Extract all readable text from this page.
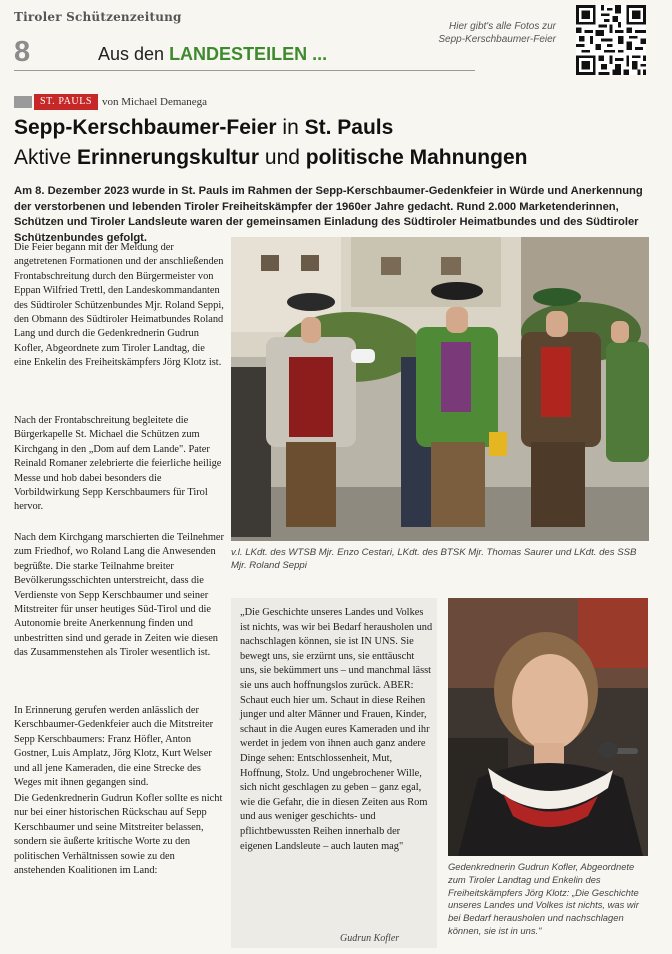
Tiroler Schützenzeitung
8	Aus den LANDESTEILEN ...
Hier gibt's alle Fotos zur
Sepp-Kerschbaumer-Feier
ST. PAULS von Michael Demanega
Sepp-Kerschbaumer-Feier in St. Pauls
Aktive Erinnerungskultur und politische Mahnungen
Am 8. Dezember 2023 wurde in St. Pauls im Rahmen der Sepp-Kerschbaumer-Gedenkfeier in Würde und Anerkennung der verstorbenen und lebenden Tiroler Freiheitskämpfer der 1960er Jahre gedacht. Rund 2.000 Marketenderinnen, Schützen und Tiroler Landsleute waren der gemeinsamen Einladung des Südtiroler Heimatbundes und des Südtiroler Schützenbundes gefolgt.

Die Feier begann mit der Meldung der angetretenen Formationen und der anschließenden Frontabschreitung durch den Bürgermeister von Eppan Wilfried Trettl, den Landeskommandanten des Südtiroler Schützenbundes Mjr. Roland Seppi, den Obmann des Südtiroler Heimatbundes Roland Lang und durch die Gedenkrednerin Gudrun Kofler, Abgeordnete zum Tiroler Landtag, die eine Enkelin des Freiheitskämpfers Jörg Klotz ist.

Nach der Frontabschreitung begleitete die Bürgerkapelle St. Michael die Schützen zum Kirchgang in den „Dom auf dem Lande". Pater Reinald Romaner zelebrierte die feierliche heilige Messe und hob dabei besonders die Vorbildwirkung Sepp Kerschbaumers für Tirol hervor.

Nach dem Kirchgang marschierten die Teilnehmer zum Friedhof, wo Roland Lang die Anwesenden begrüßte. Die starke Teilnahme breiter Bevölkerungsschichten unterstreicht, dass die Verdienste von Sepp Kerschbaumer und seiner Mitstreiter für unser heutiges Süd-Tirol und die Autonomie breite Anerkennung finden und unbestritten sind und gerade in Zeiten wie diesen das Zusammenstehen als Tiroler wesentlich ist.

In Erinnerung gerufen werden anlässlich der Kerschbaumer-Gedenkfeier auch die Mitstreiter Sepp Kerschbaumers: Franz Höfler, Anton Gostner, Luis Amplatz, Jörg Klotz, Kurt Welser und all jene Kameraden, die eine Strecke des Weges mit ihnen gegangen sind.

Die Gedenkrednerin Gudrun Kofler sollte es nicht nur bei einer historischen Rückschau auf Sepp Kerschbaumer und seine Mitstreiter belassen, sondern sie äußerte kritische Worte zu den politischen Verhältnissen sowie zu den anstehenden Koalitionen im Land:

v.l. LKdt. des WTSB Mjr. Enzo Cestari, LKdt. des BTSK Mjr. Thomas Saurer und LKdt. des SSB Mjr. Roland Seppi
„Die Geschichte unseres Landes und Volkes ist nichts, was wir bei Bedarf herausholen und nachschlagen können, sie ist IN UNS. Sie bewegt uns, sie erzürnt uns, sie enttäuscht uns, sie bekümmert uns – und manchmal lässt sie uns auch hoffnungslos zurück. ABER: Schaut euch hier um. Schaut in diese Reihen junger und alter Männer und Frauen, Kinder, schaut in die Augen eures Kameraden und ihr werdet in jedem von ihnen auch ganz andere Dinge sehen: Entschlossenheit, Mut, Hoffnung, Stolz. Und ungebrochener Wille, sich nicht geschlagen zu geben – ganz egal, wie die Gefahr, die in diesen Zeiten aus Rom und aus weniger geschichts- und pflichtbewussten Reihen innerhalb der eigenen Landsleute – auch lauten mag"
Gudrun Kofler
Gedenkrednerin Gudrun Kofler, Abgeordnete zum Tiroler Landtag und Enkelin des Freiheitskämpfers Jörg Klotz: „Die Geschichte unseres Landes und Volkes ist nichts, was wir bei Bedarf herausholen und nachschlagen können, sie ist in uns."
